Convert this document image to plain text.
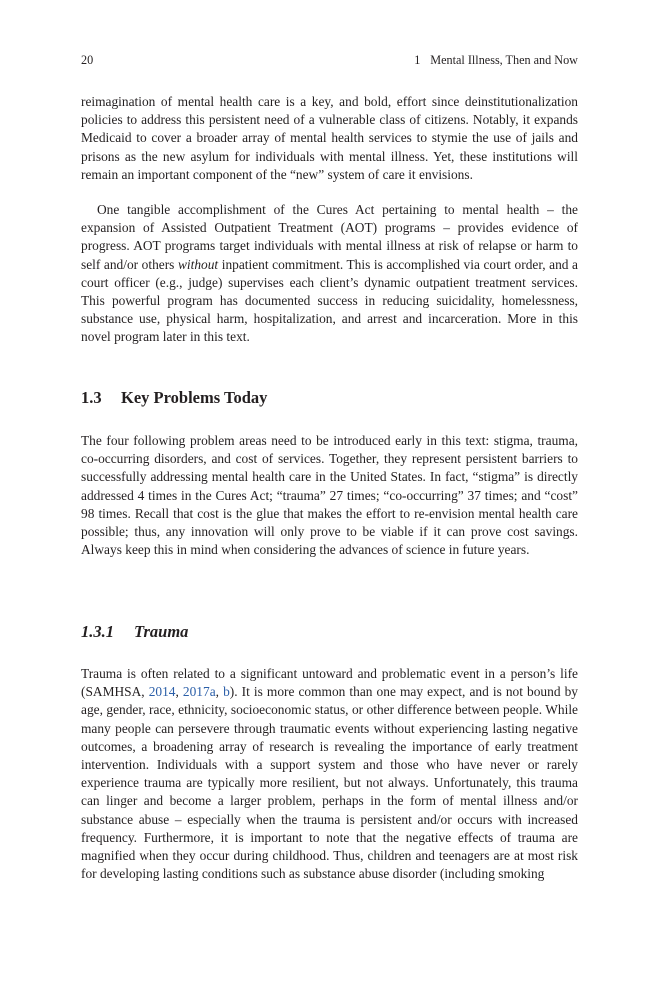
20	1 Mental Illness, Then and Now

reimagination of mental health care is a key, and bold, effort since deinstitutionalization policies to address this persistent need of a vulnerable class of citizens. Notably, it expands Medicaid to cover a broader array of mental health services to stymie the use of jails and prisons as the new asylum for individuals with mental illness. Yet, these institutions will remain an important component of the “new” system of care it envisions.

One tangible accomplishment of the Cures Act pertaining to mental health – the expansion of Assisted Outpatient Treatment (AOT) programs – provides evidence of progress. AOT programs target individuals with mental illness at risk of relapse or harm to self and/or others without inpatient commitment. This is accomplished via court order, and a court officer (e.g., judge) supervises each client’s dynamic outpatient treatment services. This powerful program has documented success in reducing suicidality, homelessness, substance use, physical harm, hospitalization, and arrest and incarceration. More in this novel program later in this text.

1.3 Key Problems Today

The four following problem areas need to be introduced early in this text: stigma, trauma, co-occurring disorders, and cost of services. Together, they represent persistent barriers to successfully addressing mental health care in the United States. In fact, “stigma” is directly addressed 4 times in the Cures Act; “trauma” 27 times; “co-occurring” 37 times; and “cost” 98 times. Recall that cost is the glue that makes the effort to re-envision mental health care possible; thus, any innovation will only prove to be viable if it can prove cost savings. Always keep this in mind when considering the advances of science in future years.

1.3.1 Trauma

Trauma is often related to a significant untoward and problematic event in a person’s life (SAMHSA, 2014, 2017a, b). It is more common than one may expect, and is not bound by age, gender, race, ethnicity, socioeconomic status, or other difference between people. While many people can persevere through traumatic events without experiencing lasting negative outcomes, a broadening array of research is revealing the importance of early treatment intervention. Individuals with a support system and those who have never or rarely experience trauma are typically more resilient, but not always. Unfortunately, this trauma can linger and become a larger problem, perhaps in the form of mental illness and/or substance abuse – especially when the trauma is persistent and/or occurs with increased frequency. Furthermore, it is important to note that the negative effects of trauma are magnified when they occur during childhood. Thus, children and teenagers are at most risk for developing lasting conditions such as substance abuse disorder (including smoking
